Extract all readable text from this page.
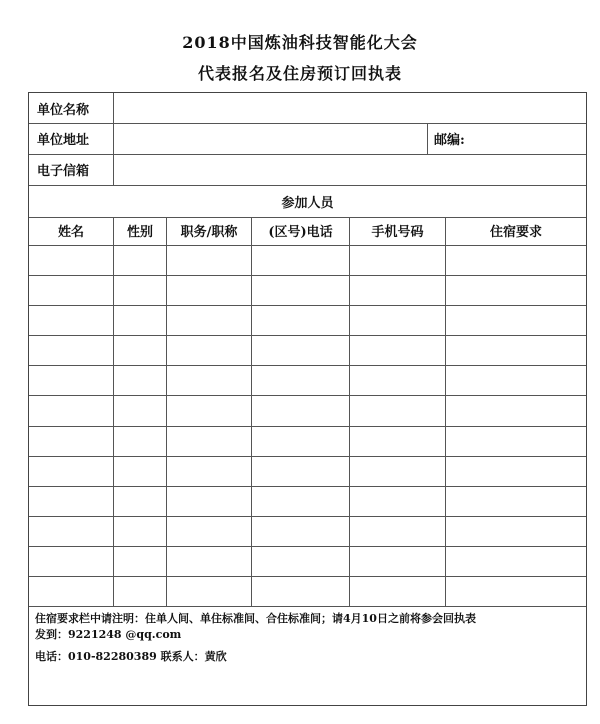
2018中国炼油科技智能化大会
代表报名及住房预订回执表
单位名称
单位地址	邮编:
电子信箱
参加人员
姓名	性别	职务/职称	(区号)电话	手机号码	住宿要求
住宿要求栏中请注明：住单人间、单住标准间、合住标准间；请4月10日之前将参会回执表
发到：9221248 @qq.com
电话：010-82280389 联系人：黄欣
